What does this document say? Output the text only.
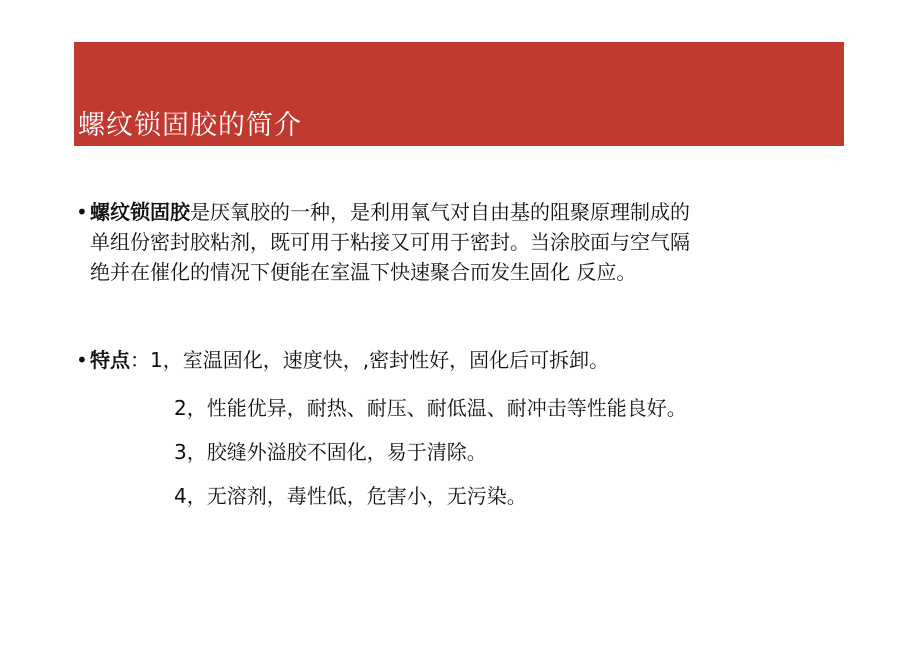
螺纹锁固胶的简介
• 螺纹锁固胶是厌氧胶的一种，是利用氧气对自由基的阻聚原理制成的
单组份密封胶粘剂，既可用于粘接又可用于密封。当涂胶面与空气隔
绝并在催化的情况下便能在室温下快速聚合而发生固化 反应。
• 特点：1，室温固化，速度快，,密封性好，固化后可拆卸。
2，性能优异，耐热、耐压、耐低温、耐冲击等性能良好。
3，胶缝外溢胶不固化，易于清除。
4，无溶剂，毒性低，危害小，无污染。
